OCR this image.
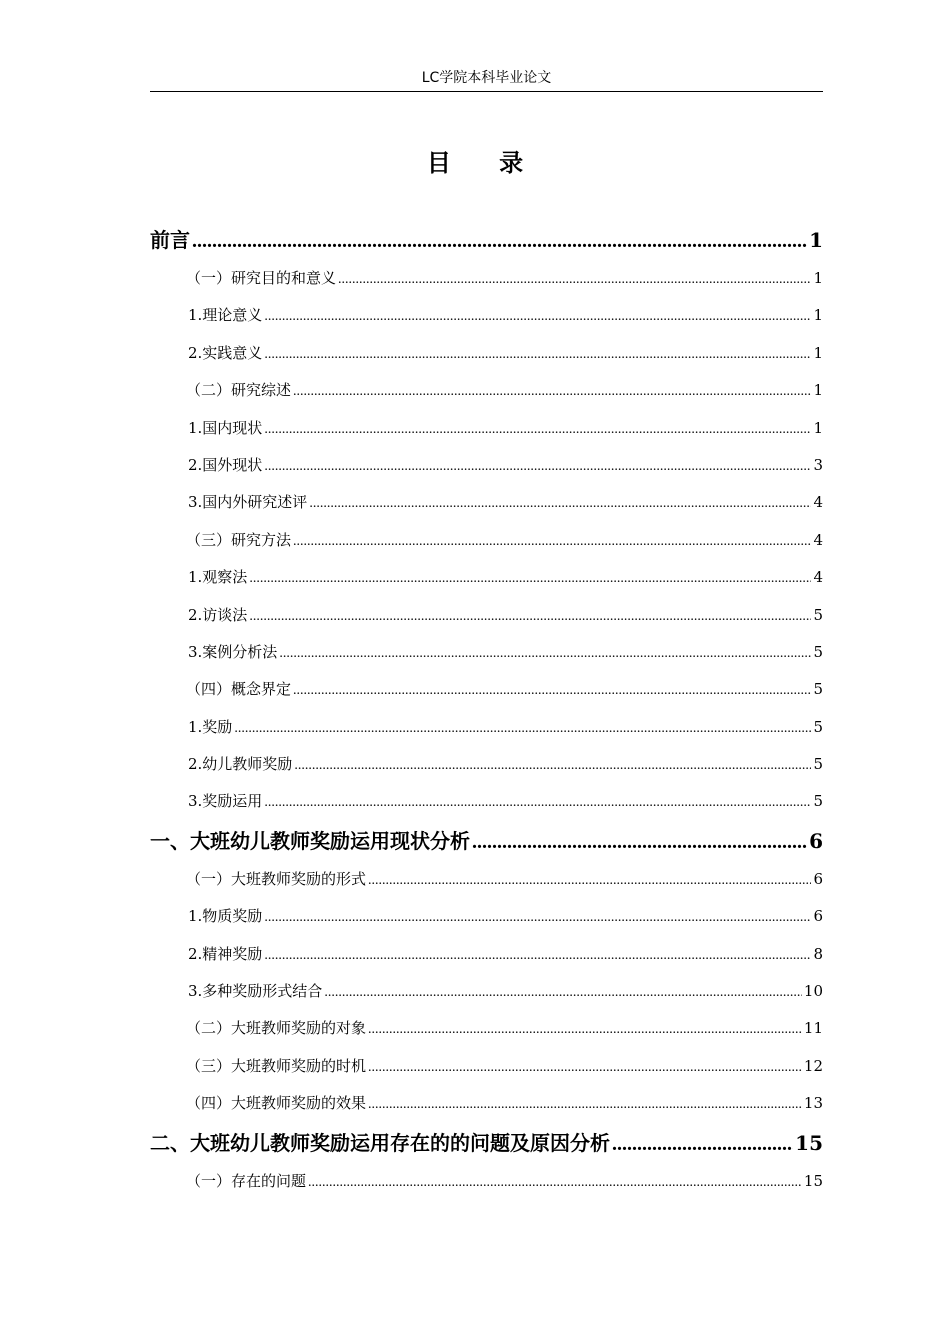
LC学院本科毕业论文
目 录
前言 .....	1
（一）研究目的和意义 .....	1
1.理论意义 .....	1
2.实践意义 .....	1
（二）研究综述 .....	1
1.国内现状 .....	1
2.国外现状 .....	3
3.国内外研究述评 .....	4
（三）研究方法 .....	4
1.观察法 .....	4
2.访谈法 .....	5
3.案例分析法 .....	5
（四）概念界定 .....	5
1.奖励 .....	5
2.幼儿教师奖励 .....	5
3.奖励运用 .....	5
一、大班幼儿教师奖励运用现状分析 .....	6
（一）大班教师奖励的形式 .....	6
1.物质奖励 .....	6
2.精神奖励 .....	8
3.多种奖励形式结合 .....	10
（二）大班教师奖励的对象 .....	11
（三）大班教师奖励的时机 .....	12
（四）大班教师奖励的效果 .....	13
二、大班幼儿教师奖励运用存在的的问题及原因分析 .....	15
（一）存在的问题 .....	15
